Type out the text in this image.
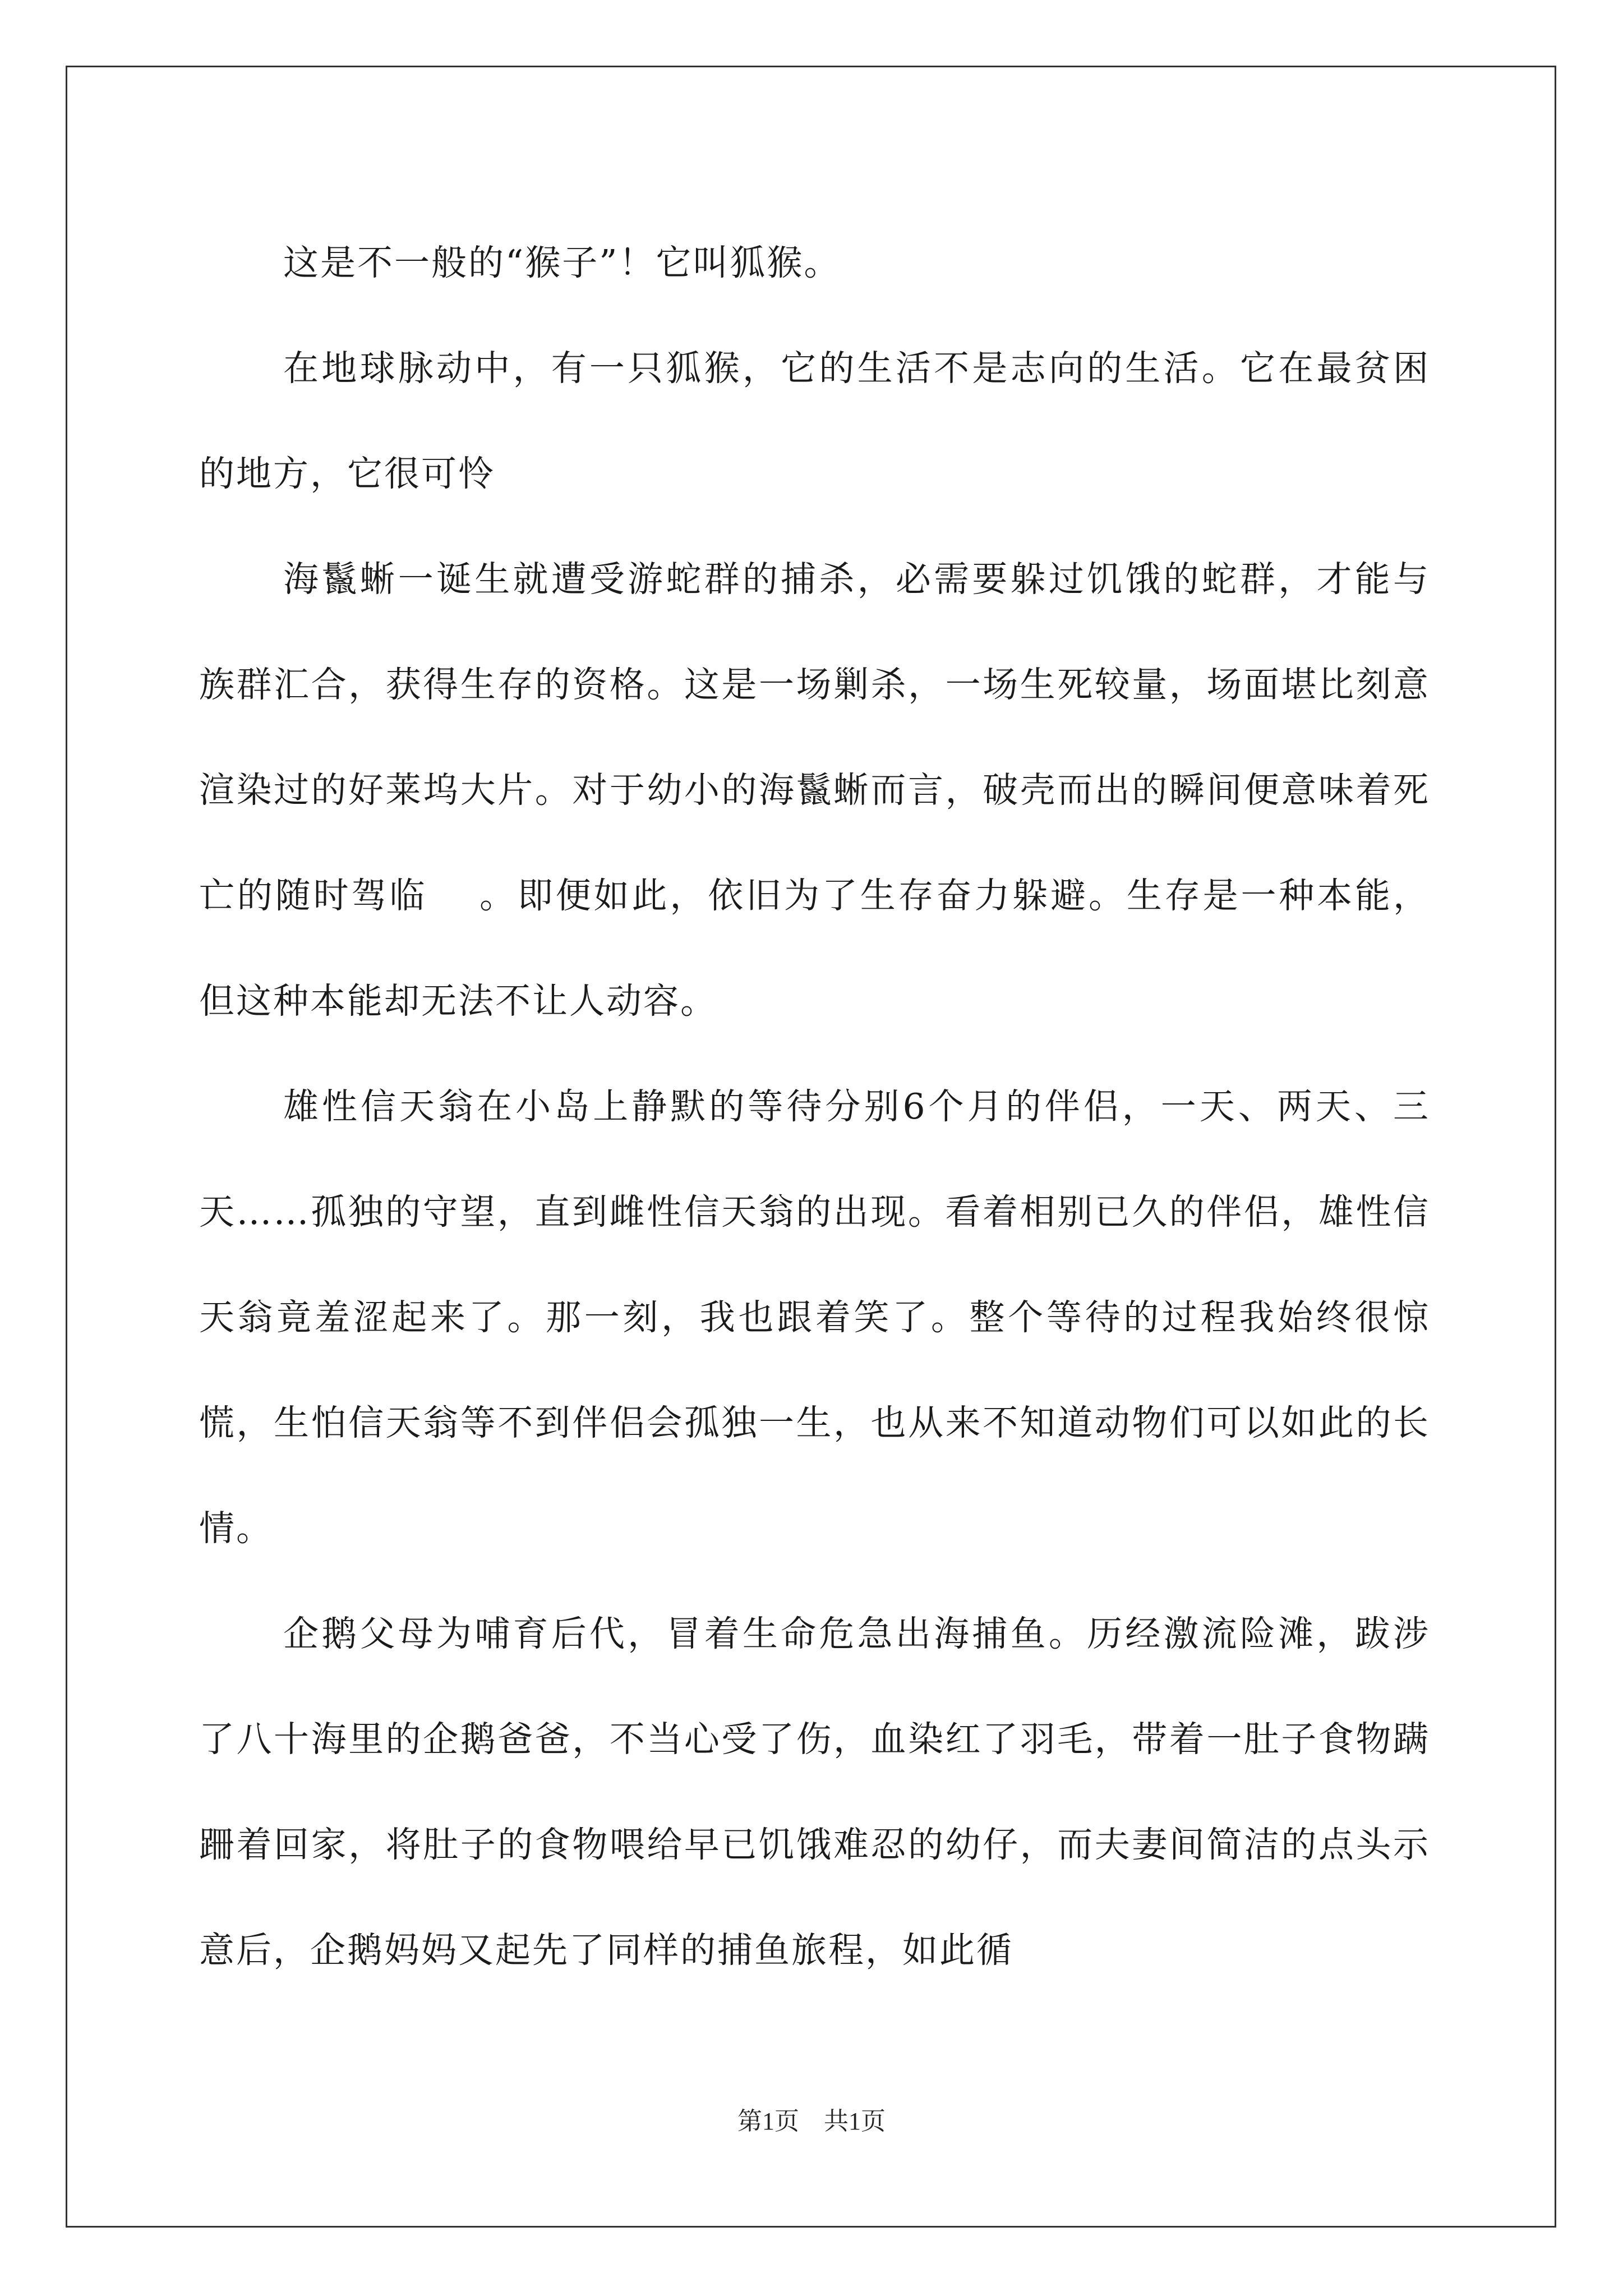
这是不一般的“猴子”！它叫狐猴。

在地球脉动中，有一只狐猴，它的生活不是志向的生活。它在最贫困的地方，它很可怜

海鬣蜥一诞生就遭受游蛇群的捕杀，必需要躲过饥饿的蛇群，才能与族群汇合，获得生存的资格。这是一场剿杀，一场生死较量，场面堪比刻意渲染过的好莱坞大片。对于幼小的海鬣蜥而言，破壳而出的瞬间便意味着死亡的随时驾临　 。即便如此，依旧为了生存奋力躲避。生存是一种本能，但这种本能却无法不让人动容。

雄性信天翁在小岛上静默的等待分别6个月的伴侣，一天、两天、三天……孤独的守望，直到雌性信天翁的出现。看着相别已久的伴侣，雄性信天翁竟羞涩起来了。那一刻，我也跟着笑了。整个等待的过程我始终很惊慌，生怕信天翁等不到伴侣会孤独一生，也从来不知道动物们可以如此的长情。

企鹅父母为哺育后代，冒着生命危急出海捕鱼。历经激流险滩，跋涉了八十海里的企鹅爸爸，不当心受了伤，血染红了羽毛，带着一肚子食物蹒跚着回家，将肚子的食物喂给早已饥饿难忍的幼仔，而夫妻间简洁的点头示意后，企鹅妈妈又起先了同样的捕鱼旅程，如此循

第1页　共1页
